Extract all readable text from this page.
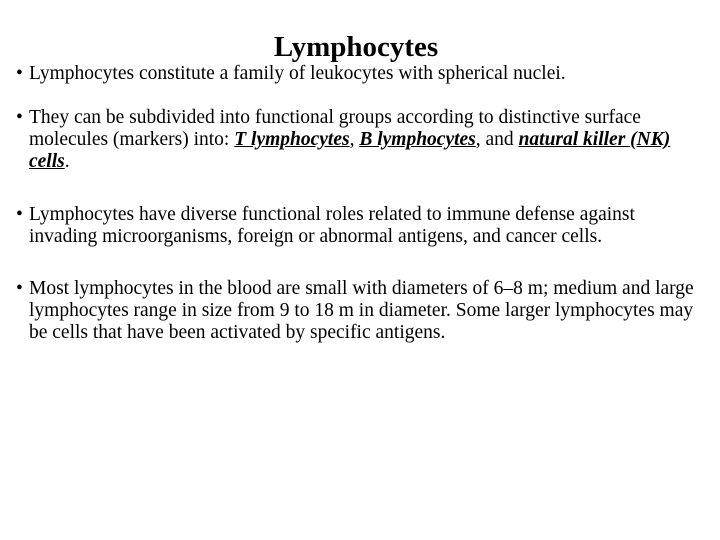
Lymphocytes
• Lymphocytes constitute a family of leukocytes with spherical nuclei.
• They can be subdivided into functional groups according to distinctive surface molecules (markers) into: T lymphocytes, B lymphocytes, and natural killer (NK) cells.
• Lymphocytes have diverse functional roles related to immune defense against invading microorganisms, foreign or abnormal antigens, and cancer cells.
• Most lymphocytes in the blood are small with diameters of 6–8 m; medium and large lymphocytes range in size from 9 to 18 m in diameter. Some larger lymphocytes may be cells that have been activated by specific antigens.
